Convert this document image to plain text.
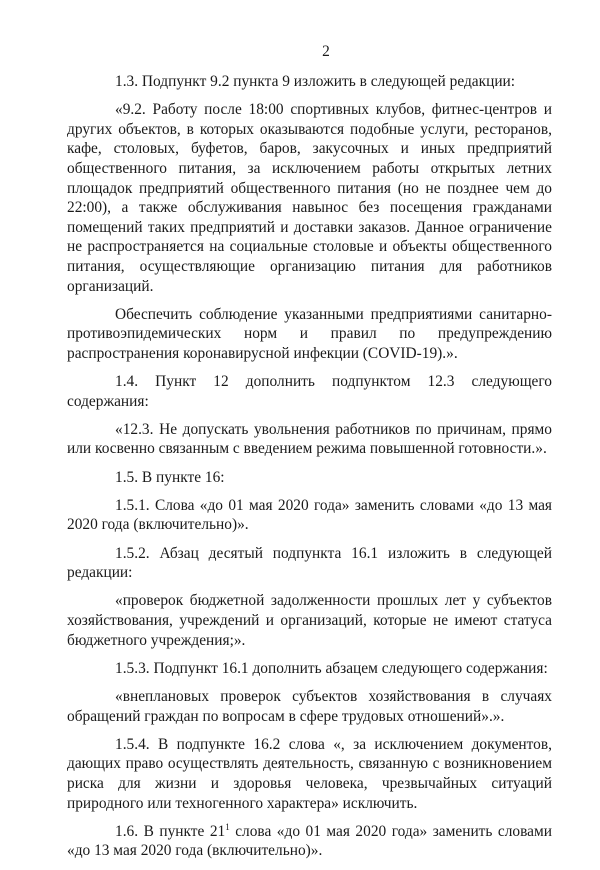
2

1.3. Подпункт 9.2 пункта 9 изложить в следующей редакции:

«9.2. Работу после 18:00 спортивных клубов, фитнес-центров и других объектов, в которых оказываются подобные услуги, ресторанов, кафе, столовых, буфетов, баров, закусочных и иных предприятий общественного питания, за исключением работы открытых летних площадок предприятий общественного питания (но не позднее чем до 22:00), а также обслуживания навынос без посещения гражданами помещений таких предприятий и доставки заказов. Данное ограничение не распространяется на социальные столовые и объекты общественного питания, осуществляющие организацию питания для работников организаций.

Обеспечить соблюдение указанными предприятиями санитарно-противоэпидемических норм и правил по предупреждению распространения коронавирусной инфекции (COVID-19).».

1.4. Пункт 12 дополнить подпунктом 12.3 следующего содержания:

«12.3. Не допускать увольнения работников по причинам, прямо или косвенно связанным с введением режима повышенной готовности.».

1.5. В пункте 16:

1.5.1. Слова «до 01 мая 2020 года» заменить словами «до 13 мая 2020 года (включительно)».

1.5.2. Абзац десятый подпункта 16.1 изложить в следующей редакции:

«проверок бюджетной задолженности прошлых лет у субъектов хозяйствования, учреждений и организаций, которые не имеют статуса бюджетного учреждения;».

1.5.3. Подпункт 16.1 дополнить абзацем следующего содержания:

«внеплановых проверок субъектов хозяйствования в случаях обращений граждан по вопросам в сфере трудовых отношений».».

1.5.4. В подпункте 16.2 слова «, за исключением документов, дающих право осуществлять деятельность, связанную с возникновением риска для жизни и здоровья человека, чрезвычайных ситуаций природного или техногенного характера» исключить.

1.6. В пункте $21^1$ слова «до 01 мая 2020 года» заменить словами «до 13 мая 2020 года (включительно)».
